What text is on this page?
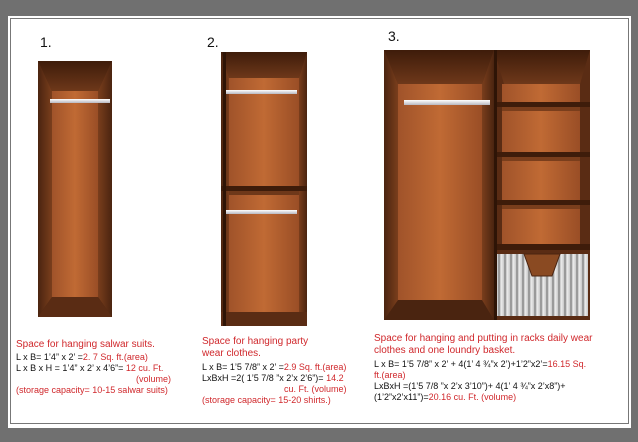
1.
Space for hanging salwar suits.
L x B= 1’4” x 2’ =2. 7 Sq. ft.(area)
L x B x H = 1’4” x 2’ x 4’6”= 12 cu. Ft.
(volume)
(storage capacity= 10-15 salwar suits)
2.
Space for hanging party
wear clothes.
L x B= 1’5 7/8” x 2’ =2.9 Sq. ft.(area)
LxBxH =2( 1’5 7/8 ”x 2’x 2’6”)= 14.2
cu. Ft. (volume)
(storage capacity= 15-20 shirts.)
3.
Space for hanging and putting in racks daily wear
clothes and one loundry basket.
L x B= 1’5 7/8” x 2’ + 4(1’ 4 ¾”x 2’)+1’2”x2’=16.15 Sq.
ft.(area)
LxBxH =(1’5 7/8 ”x 2’x 3’10”)+ 4(1’ 4 ¾”x 2’x8”)+
(1’2”x2’x11”)=20.16 cu. Ft. (volume)
